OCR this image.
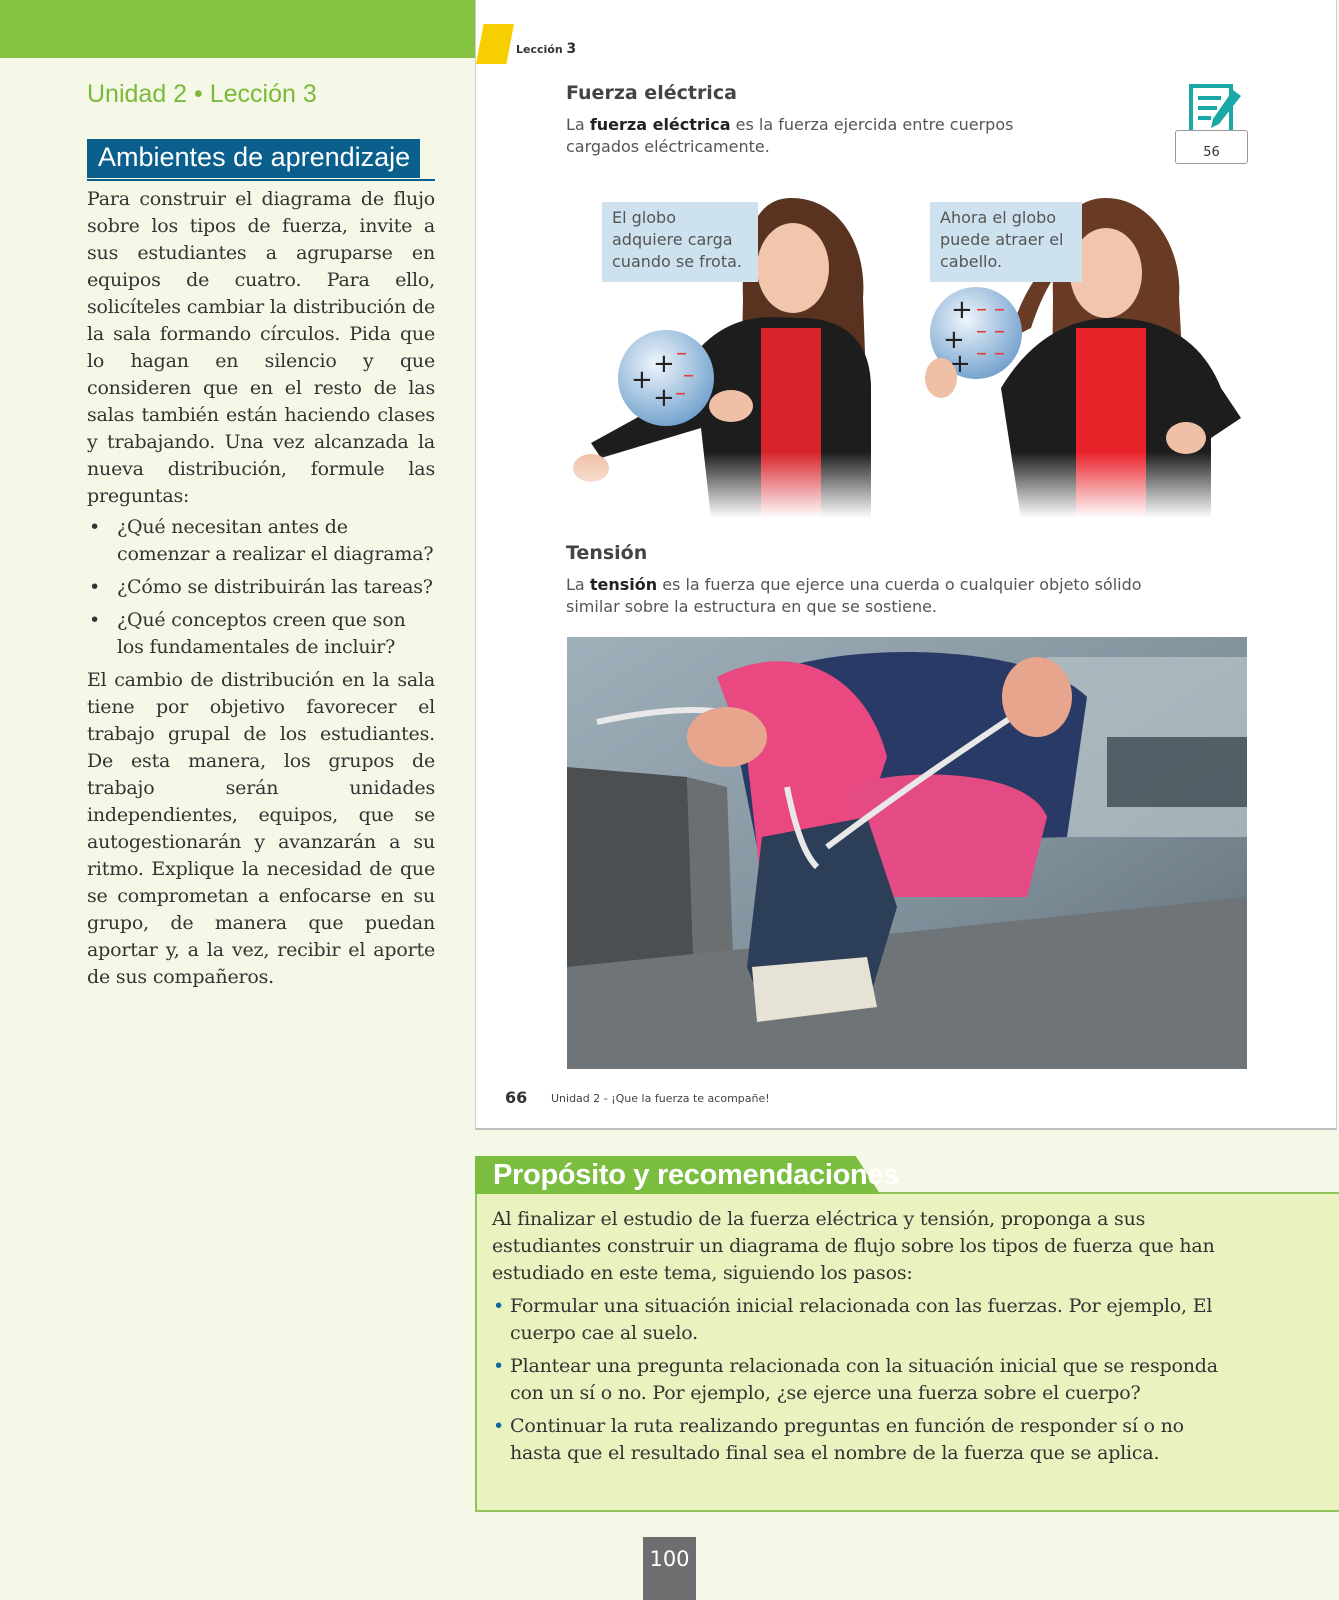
Unidad 2 • Lección 3
Ambientes de aprendizaje

Para construir el diagrama de flujo sobre los tipos de fuerza, invite a sus estudiantes a agruparse en equipos de cuatro. Para ello, solicíteles cambiar la distribución de la sala formando círculos. Pida que lo hagan en silencio y que consideren que en el resto de las salas también están haciendo clases y trabajando. Una vez alcanzada la nueva distribución, formule las preguntas:

• ¿Qué necesitan antes de comenzar a realizar el diagrama?
• ¿Cómo se distribuirán las tareas?
• ¿Qué conceptos creen que son los fundamentales de incluir?

El cambio de distribución en la sala tiene por objetivo favorecer el trabajo grupal de los estudiantes. De esta manera, los grupos de trabajo serán unidades independientes, equipos, que se autogestionarán y avanzarán a su ritmo. Explique la necesidad de que se comprometan a enfocarse en su grupo, de manera que puedan aportar y, a la vez, recibir el aporte de sus compañeros.

Lección 3
Fuerza eléctrica

La fuerza eléctrica es la fuerza ejercida entre cuerpos cargados eléctricamente.	56
El globo adquiere carga cuando se frota.
Ahora el globo puede atraer el cabello.
Tensión

La tensión es la fuerza que ejerce una cuerda o cualquier objeto sólido similar sobre la estructura en que se sostiene.

66 Unidad 2 - ¡Que la fuerza te acompañe!
Propósito y recomendaciones

Al finalizar el estudio de la fuerza eléctrica y tensión, proponga a sus estudiantes construir un diagrama de flujo sobre los tipos de fuerza que han estudiado en este tema, siguiendo los pasos:

• Formular una situación inicial relacionada con las fuerzas. Por ejemplo, El cuerpo cae al suelo.
• Plantear una pregunta relacionada con la situación inicial que se responda con un sí o no. Por ejemplo, ¿se ejerce una fuerza sobre el cuerpo?
• Continuar la ruta realizando preguntas en función de responder sí o no hasta que el resultado final sea el nombre de la fuerza que se aplica.
100
